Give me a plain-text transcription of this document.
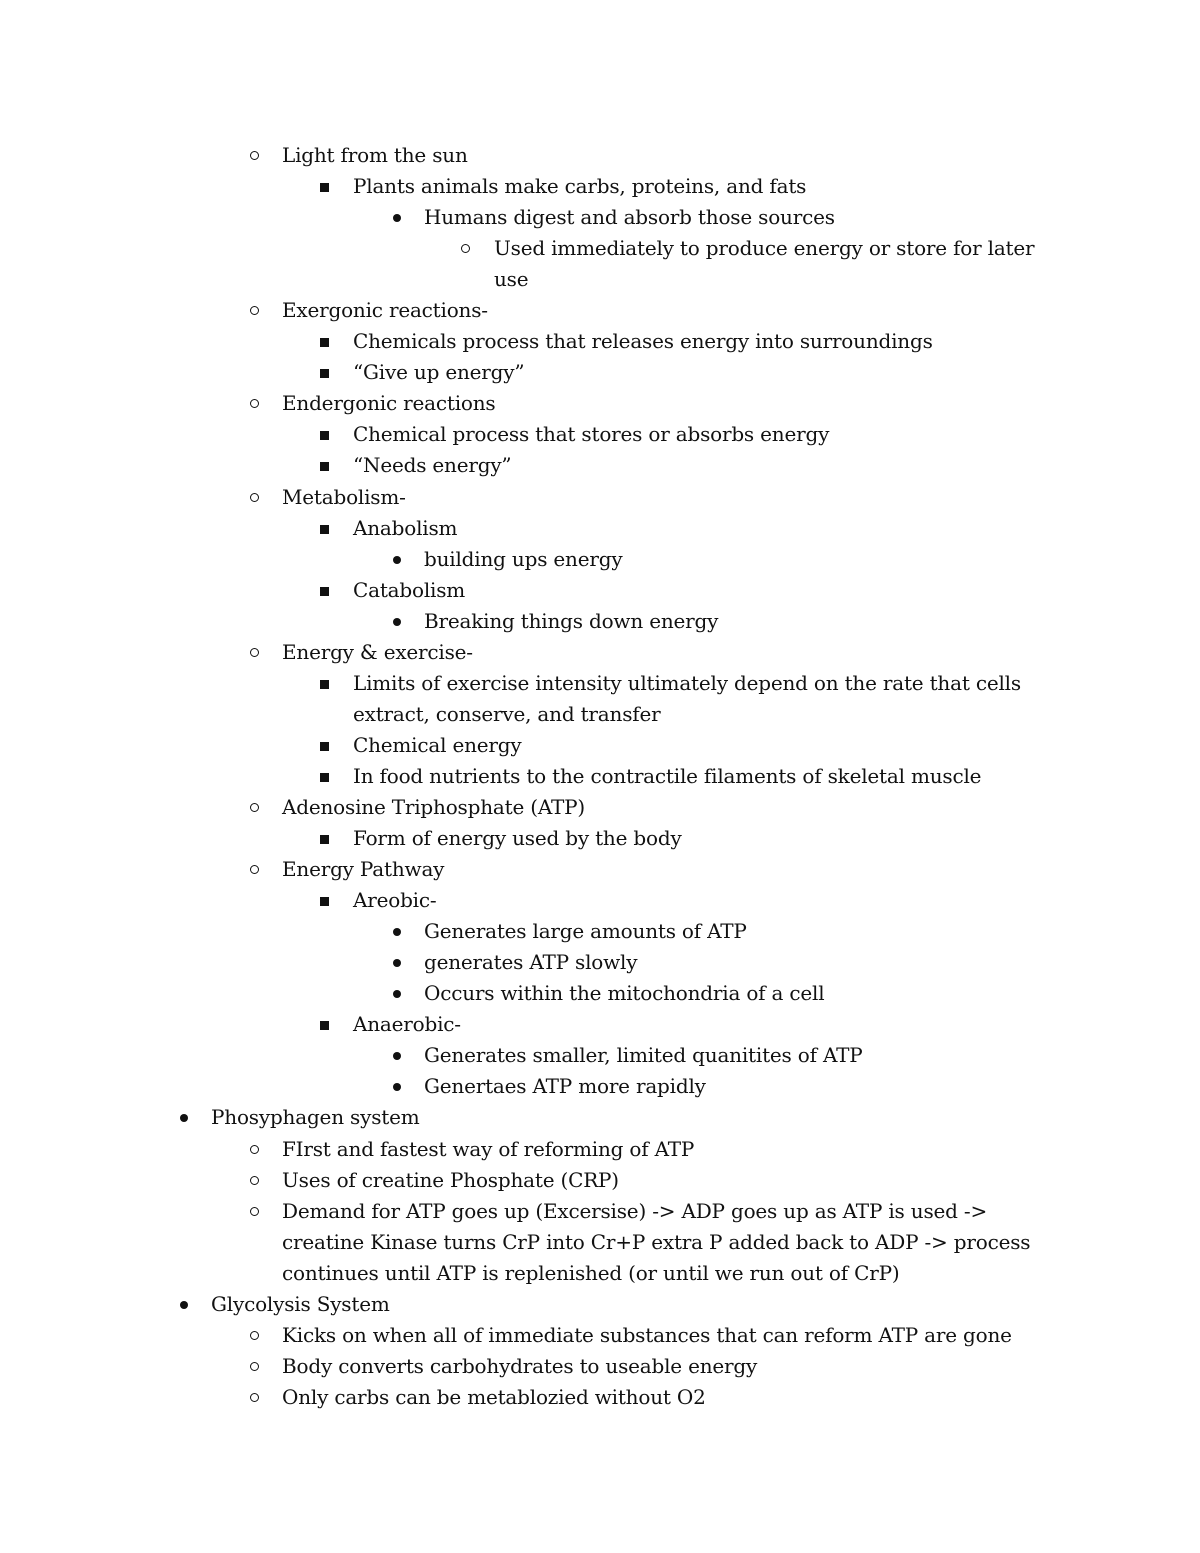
Light from the sun
Plants animals make carbs, proteins, and fats
Humans digest and absorb those sources
Used immediately to produce energy or store for later
use
Exergonic reactions-
Chemicals process that releases energy into surroundings
“Give up energy”
Endergonic reactions
Chemical process that stores or absorbs energy
“Needs energy”
Metabolism-
Anabolism
building ups energy
Catabolism
Breaking things down energy
Energy & exercise-
Limits of exercise intensity ultimately depend on the rate that cells
extract, conserve, and transfer
Chemical energy
In food nutrients to the contractile filaments of skeletal muscle
Adenosine Triphosphate (ATP)
Form of energy used by the body
Energy Pathway
Areobic-
Generates large amounts of ATP
generates ATP slowly
Occurs within the mitochondria of a cell
Anaerobic-
Generates smaller, limited quanitites of ATP
Genertaes ATP more rapidly
Phosyphagen system
FIrst and fastest way of reforming of ATP
Uses of creatine Phosphate (CRP)
Demand for ATP goes up (Excersise) -> ADP goes up as ATP is used ->
creatine Kinase turns CrP into Cr+P extra P added back to ADP -> process
continues until ATP is replenished (or until we run out of CrP)
Glycolysis System
Kicks on when all of immediate substances that can reform ATP are gone
Body converts carbohydrates to useable energy
Only carbs can be metablozied without O2
